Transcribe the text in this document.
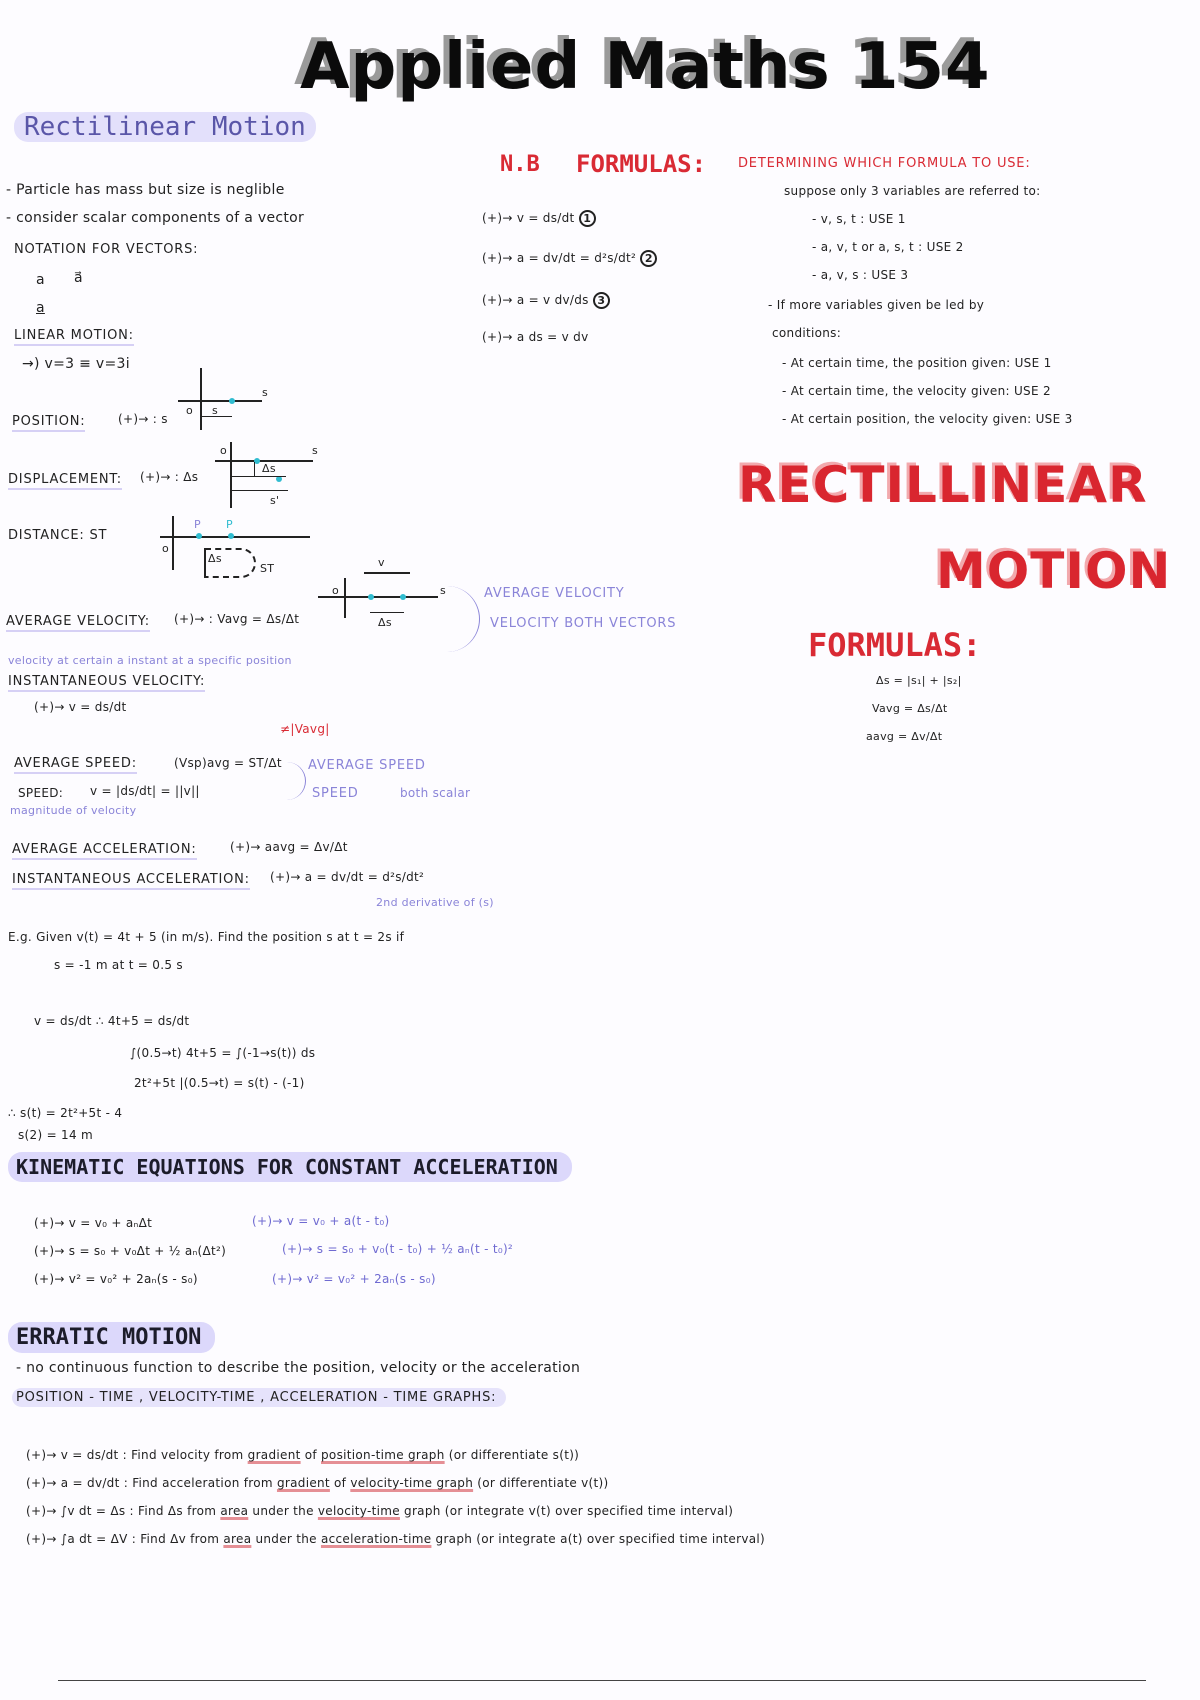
Applied Maths 154
Rectilinear Motion
- Particle has mass but size is neglible
- consider scalar components of a vector
NOTATION FOR VECTORS:
a a⃗
a
LINEAR MOTION:
→) v=3 ≡ v=3i
POSITION:	(+)→ : s
o s
s
DISPLACEMENT: (+)→ : Δs
o	s
Δs
s'
DISTANCE: ST
o
P P
Δs
ST
AVERAGE VELOCITY: (+)→ : Vavg = Δs/Δt
o
v
s
Δs
AVERAGE VELOCITY
VELOCITY BOTH VECTORS
velocity at certain a instant at a specific position
INSTANTANEOUS VELOCITY:
(+)→ v = ds/dt
≠|Vavg|
AVERAGE SPEED:	(Vsp)avg = ST/Δt
SPEED: v = |ds/dt| = ||v||
magnitude of velocity
AVERAGE SPEED
SPEED	both scalar
AVERAGE ACCELERATION:	(+)→ aavg = Δv/Δt
INSTANTANEOUS ACCELERATION: (+)→ a = dv/dt = d²s/dt²
2nd derivative of (s)
E.g. Given v(t) = 4t + 5 (in m/s). Find the position s at t = 2s if
s = -1 m at t = 0.5 s
v = ds/dt ∴ 4t+5 = ds/dt
∫(0.5→t) 4t+5 = ∫(-1→s(t)) ds
2t²+5t |(0.5→t) = s(t) - (-1)
∴ s(t) = 2t²+5t - 4
s(2) = 14 m
N.B FORMULAS: DETERMINING WHICH FORMULA TO USE:
(+)→ v = ds/dt 1
(+)→ a = dv/dt = d²s/dt² 2
(+)→ a = v dv/ds 3
(+)→ a ds = v dv
suppose only 3 variables are referred to:
- v, s, t : USE 1
- a, v, t or a, s, t : USE 2
- a, v, s : USE 3
- If more variables given be led by
conditions:
- At certain time, the position given: USE 1
- At certain time, the velocity given: USE 2
- At certain position, the velocity given: USE 3
RECTILLINEAR
MOTION
FORMULAS:
Δs = |s₁| + |s₂|
Vavg = Δs/Δt
aavg = Δv/Δt
KINEMATIC EQUATIONS FOR CONSTANT ACCELERATION
(+)→ v = v₀ + aₙΔt
(+)→ s = s₀ + v₀Δt + ½ aₙ(Δt²)
(+)→ v² = v₀² + 2aₙ(s - s₀)
(+)→ v = v₀ + a(t - t₀)
(+)→ s = s₀ + v₀(t - t₀) + ½ aₙ(t - t₀)²
(+)→ v² = v₀² + 2aₙ(s - s₀)
ERRATIC MOTION
- no continuous function to describe the position, velocity or the acceleration
POSITION - TIME , VELOCITY-TIME , ACCELERATION - TIME GRAPHS:
(+)→ v = ds/dt : Find velocity from gradient of position-time graph (or differentiate s(t))
(+)→ a = dv/dt : Find acceleration from gradient of velocity-time graph (or differentiate v(t))
(+)→ ∫v dt = Δs : Find Δs from area under the velocity-time graph (or integrate v(t) over specified time interval)
(+)→ ∫a dt = ΔV : Find Δv from area under the acceleration-time graph (or integrate a(t) over specified time interval)
